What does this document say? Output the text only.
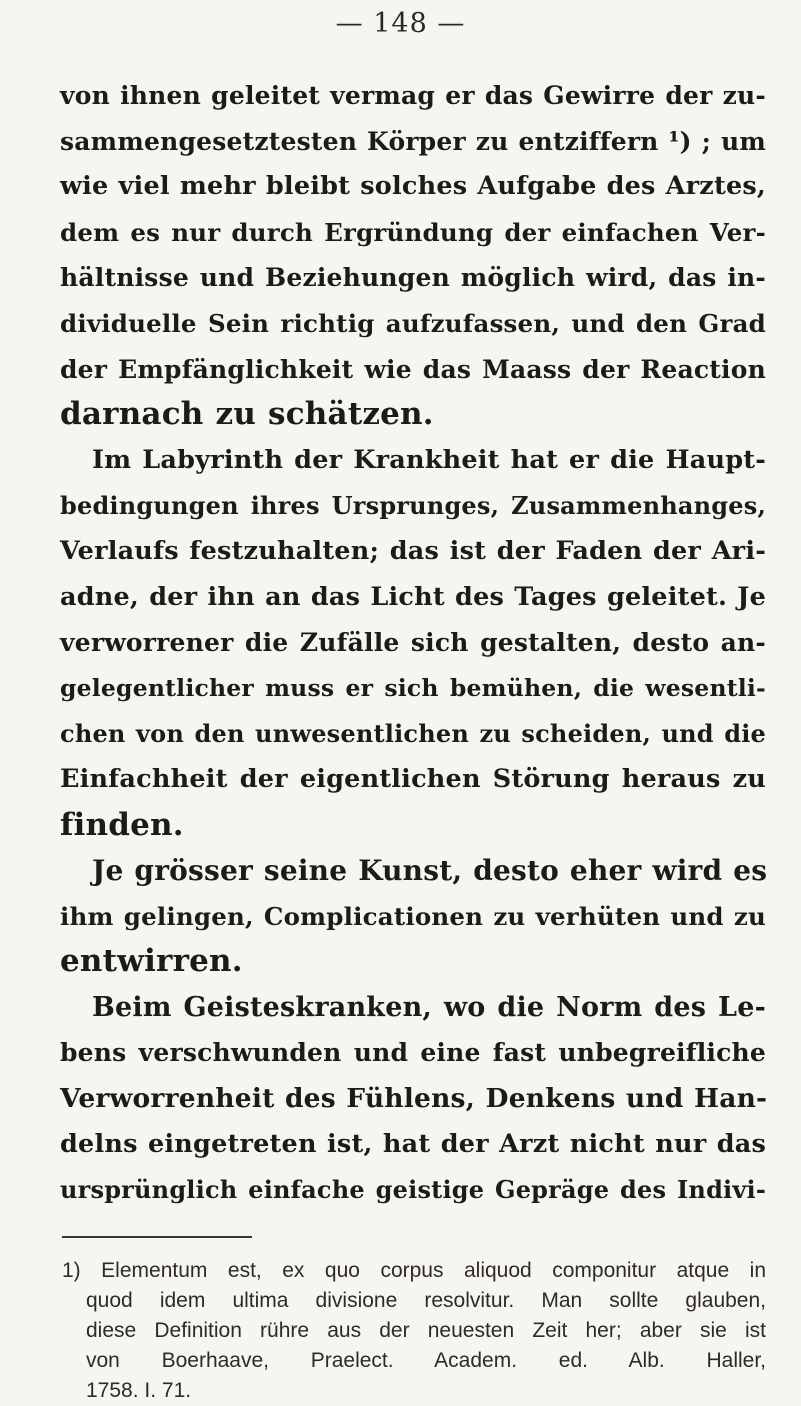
— 148 —
von ihnen geleitet vermag er das Gewirre der zu-
sammengesetztesten Körper zu entziffern ¹) ; um
wie viel mehr bleibt solches Aufgabe des Arztes,
dem es nur durch Ergründung der einfachen Ver-
hältnisse und Beziehungen möglich wird, das in-
dividuelle Sein richtig aufzufassen, und den Grad
der Empfänglichkeit wie das Maass der Reaction
darnach zu schätzen.
Im Labyrinth der Krankheit hat er die Haupt-
bedingungen ihres Ursprunges, Zusammenhanges,
Verlaufs festzuhalten; das ist der Faden der Ari-
adne, der ihn an das Licht des Tages geleitet. Je
verworrener die Zufälle sich gestalten, desto an-
gelegentlicher muss er sich bemühen, die wesentli-
chen von den unwesentlichen zu scheiden, und die
Einfachheit der eigentlichen Störung heraus zu
finden.
Je grösser seine Kunst, desto eher wird es
ihm gelingen, Complicationen zu verhüten und zu
entwirren.
Beim Geisteskranken, wo die Norm des Le-
bens verschwunden und eine fast unbegreifliche
Verworrenheit des Fühlens, Denkens und Han-
delns eingetreten ist, hat der Arzt nicht nur das
ursprünglich einfache geistige Gepräge des Indivi-
1) Elementum est, ex quo corpus aliquod componitur atque in
quod idem ultima divisione resolvitur. Man sollte glauben,
diese Definition rühre aus der neuesten Zeit her; aber sie ist
von Boerhaave, Praelect. Academ. ed. Alb. Haller,
1758. I. 71.
